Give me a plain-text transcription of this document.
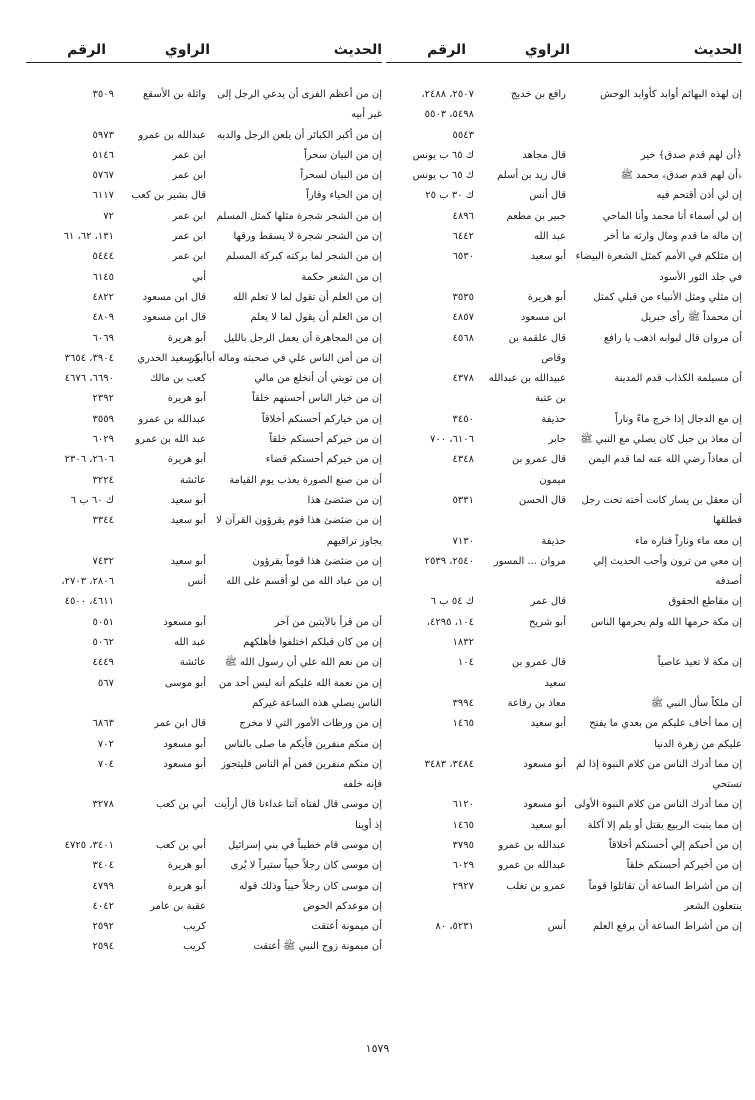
الحديث
الراوي
الرقم
إن لهذه البهائم أوابد كأوابد الوحش
رافع بن خديج
٢٥٠٧، ٢٤٨٨،
٥٤٩٨، ٥٥٠٣
٥٥٤٣
﴿أن لهم قدم صدق﴾ خير
قال مجاهد
ك ٦٥ ب يونس
﴿أن لهم قدم صدق﴾ محمد ﷺ
قال زيد بن أسلم
ك ٦٥ ب يونس
إن لي أذن أقتحم فيه
قال أنس
ك ٣٠ ب ٢٥
إن لي أسماء أنا محمد وأنا الماحي
جبير بن مطعم
٤٨٩٦
إن ماله ما قدم ومال وارثه ما أخر
عبد الله
٦٤٤٢
إن مثلكم في الأمم كمثل الشعرة البيضاء
أبو سعيد
٦٥٣٠
في جلد الثور الأسود
إن مثلي ومثل الأنبياء من قبلي كمثل
أبو هريرة
٣٥٣٥
أن محمداً ﷺ رأى جبريل
ابن مسعود
٤٨٥٧
أن مروان قال لبوابه اذهب يا رافع
قال علقمة بن
٤٥٦٨
وقاص
أن مسيلمة الكذاب قدم المدينة
عبيدالله بن عبدالله
٤٣٧٨
بن عتبة
إن مع الدجال إذا خرج ماءً وناراً
حذيفة
٣٤٥٠
أن معاذ بن جبل كان يصلي مع النبي ﷺ
جابر
٦١٠٦، ٧٠٠
أن معاذاً رضي الله عنه لما قدم اليمن
قال عمرو بن
٤٣٤٨
ميمون
أن معقل بن يسار كانت أخته تحت رجل
قال الحسن
٥٣٣١
فطلقها
إن معه ماء وناراً فناره ماء
حذيفة
٧١٣٠
إن معي من ترون وأحب الحديث إلي
مروان ... المسور
٢٥٤٠، ٢٥٣٩
أصدقه
إن مقاطع الحقوق
قال عمر
ك ٥٤ ب ٦
إن مكة حرمها الله ولم يحرمها الناس
أبو شريح
١٠٤، ٤٢٩٥،
١٨٣٢
إن مكة لا تعيذ عاصياً
قال عمرو بن
١٠٤
سعيد
أن ملكاً سأل النبي ﷺ
معاذ بن رفاعة
٣٩٩٤
إن مما أخاف عليكم من بعدي ما يفتح
أبو سعيد
١٤٦٥
عليكم من زهرة الدنيا
إن مما أدرك الناس من كلام النبوة إذا لم
أبو مسعود
٣٤٨٤، ٣٤٨٣
تستحي
إن مما أدرك الناس من كلام النبوة الأولى
أبو مسعود
٦١٢٠
إن مما ينبت الربيع يقتل أو يلم إلا آكلة
أبو سعيد
١٤٦٥
إن من أحبكم إلي أحسنكم أخلاقاً
عبدالله بن عمرو
٣٧٩٥
إن من أخيركم أحسنكم خلقاً
عبدالله بن عمرو
٦٠٢٩
إن من أشراط الساعة أن تقاتلوا قوماً
عمرو بن تغلب
٢٩٢٧
ينتعلون الشعر
إن من أشراط الساعة أن يرفع العلم
أنس
٥٢٣١، ٨٠
الحديث
الراوي
الرقم
إن من أعظم الفرى أن يدعي الرجل إلى
واثلة بن الأسقع
٣٥٠٩
غير أبيه
إن من أكبر الكبائر أن يلعن الرجل والديه
عبدالله بن عمرو
٥٩٧٣
إن من البيان سحراً
ابن عمر
٥١٤٦
إن من البيان لسحراً
ابن عمر
٥٧٦٧
إن من الحياء وقاراً
قال بشير بن كعب
٦١١٧
إن من الشجر شجرة مثلها كمثل المسلم
ابن عمر
٧٢
إن من الشجر شجرة لا يسقط ورقها
ابن عمر
١٣١، ٦٢، ٦١
إن من الشجر لما بركته كبركة المسلم
ابن عمر
٥٤٤٤
إن من الشعر حكمة
أبي
٦١٤٥
إن من العلم أن تقول لما لا تعلم الله
قال ابن مسعود
٤٨٢٢
إن من العلم أن يقول لما لا يعلم
قال ابن مسعود
٤٨٠٩
إن من المجاهرة أن يعمل الرجل بالليل
أبو هريرة
٦٠٦٩
إن من أمن الناس علي في صحبته وماله أبا بكر
أبو سعيد الخدري
٣٩٠٤، ٣٦٥٤
إن من توبتي أن أنخلع من مالي
كعب بن مالك
٦٦٩٠، ٤٦٧٦
إن من خيار الناس أحسنهم خلقاً
أبو هريرة
٢٣٩٢
إن من خياركم أحسنكم أخلاقاً
عبدالله بن عمرو
٣٥٥٩
إن من خيركم أحسنكم خلقاً
عبد الله بن عمرو
٦٠٢٩
إن من خيركم أحسنكم قضاء
أبو هريرة
٢٦٠٦، ٢٣٠٦
أن من صنع الصورة يعذب يوم القيامة
عائشة
٣٢٢٤
إن من ضئضئ هذا
أبو سعيد
ك ٦٠ ب ٦
إن من ضئضئ هذا قوم يقرؤون القرآن لا
أبو سعيد
٣٣٤٤
يجاوز تراقيهم
إن من ضئضئ هذا قوماً يقرؤون
أبو سعيد
٧٤٣٢
إن من عباد الله من لو أقسم على الله
أنس
٢٨٠٦، ٢٧٠٣،
٤٦١١، ٤٥٠٠
أن من قرأ بالآيتين من آخر
أبو مسعود
٥٠٥١
إن من كان قبلكم اختلفوا فأهلكهم
عبد الله
٥٠٦٢
إن من نعم الله علي أن رسول الله ﷺ
عائشة
٤٤٤٩
إن من نعمة الله عليكم أنه ليس أحد من
أبو موسى
٥٦٧
الناس يصلي هذه الساعة غيركم
إن من ورطات الأمور التي لا مخرج
قال ابن عمر
٦٨٦٣
إن منكم منفرين فأيكم ما صلى بالناس
أبو مسعود
٧٠٢
إن منكم منفرين فمن أم الناس فليتجوز
أبو مسعود
٧٠٤
فإنه خلفه
إن موسى قال لفتاه آتنا غداءنا قال أرأيت
أبي بن كعب
٣٢٧٨
إذ أوينا
إن موسى قام خطيباً في بني إسرائيل
أبي بن كعب
٣٤٠١، ٤٧٢٥
إن موسى كان رجلاً حيياً ستيراً لا يُرى
أبو هريرة
٣٤٠٤
إن موسى كان رجلاً حيياً وذلك قوله
أبو هريرة
٤٧٩٩
إن موعدكم الحوض
عقبة بن عامر
٤٠٤٢
أن ميمونة أعتقت
كريب
٢٥٩٢
أن ميمونة زوج النبي ﷺ أعتقت
كريب
٢٥٩٤
١٥٧٩
